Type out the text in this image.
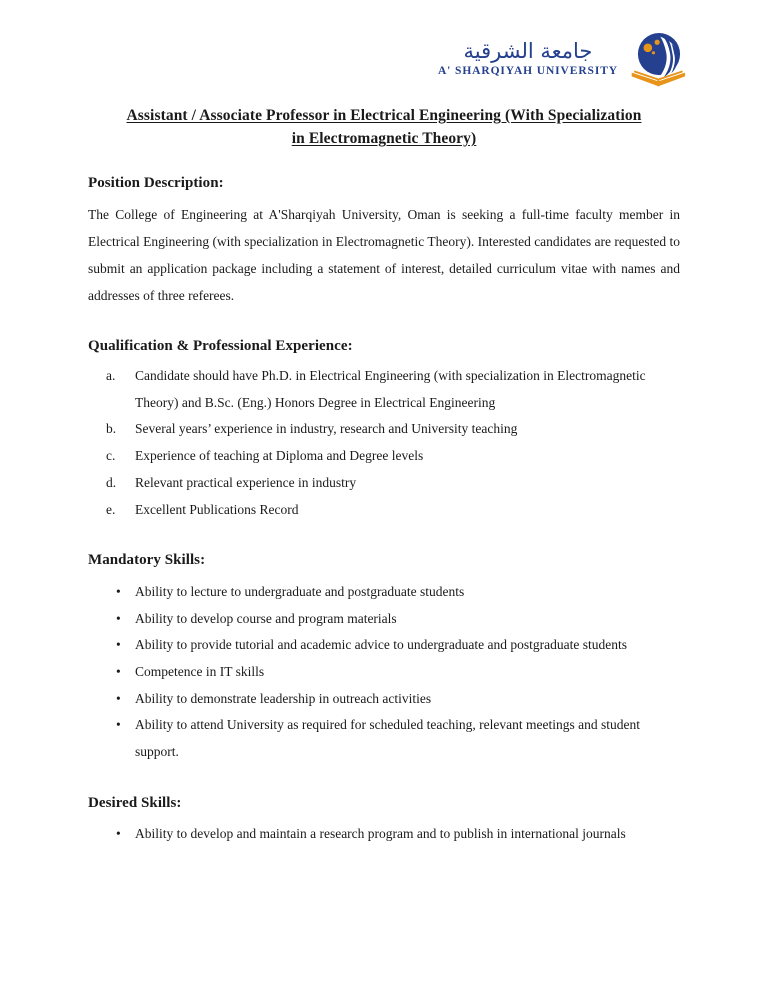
جامعة الشرقية
A' SHARQIYAH UNIVERSITY
Assistant / Associate Professor in Electrical Engineering (With Specialization
in Electromagnetic Theory)
Position Description:

The College of Engineering at A'Sharqiyah University, Oman is seeking a full-time faculty member in Electrical Engineering (with specialization in Electromagnetic Theory). Interested candidates are requested to submit an application package including a statement of interest, detailed curriculum vitae with names and addresses of three referees.

Qualification & Professional Experience:
a.	Candidate should have Ph.D. in Electrical Engineering (with specialization in Electromagnetic Theory) and B.Sc. (Eng.) Honors Degree in Electrical Engineering
b.	Several years’ experience in industry, research and University teaching
c.	Experience of teaching at Diploma and Degree levels
d.	Relevant practical experience in industry
e.	Excellent Publications Record
Mandatory Skills:
• Ability to lecture to undergraduate and postgraduate students
• Ability to develop course and program materials
• Ability to provide tutorial and academic advice to undergraduate and postgraduate students
• Competence in IT skills
• Ability to demonstrate leadership in outreach activities
• Ability to attend University as required for scheduled teaching, relevant meetings and student support.
Desired Skills:
• Ability to develop and maintain a research program and to publish in international journals
